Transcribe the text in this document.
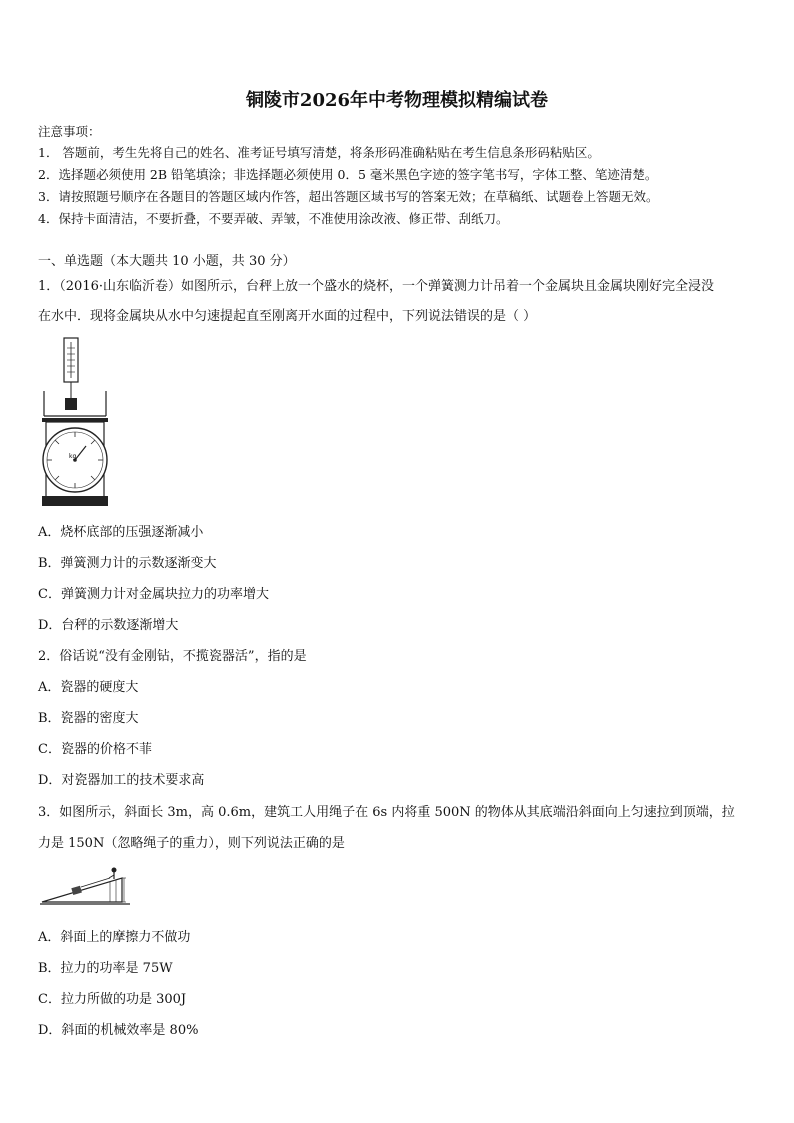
铜陵市2026年中考物理模拟精编试卷
注意事项：
1． 答题前，考生先将自己的姓名、准考证号填写清楚，将条形码准确粘贴在考生信息条形码粘贴区。
2．选择题必须使用 2B 铅笔填涂；非选择题必须使用 0．5 毫米黑色字迹的签字笔书写，字体工整、笔迹清楚。
3．请按照题号顺序在各题目的答题区域内作答，超出答题区域书写的答案无效；在草稿纸、试题卷上答题无效。
4．保持卡面清洁，不要折叠，不要弄破、弄皱，不准使用涂改液、修正带、刮纸刀。
一、单选题（本大题共 10 小题，共 30 分）
1．（2016·山东临沂卷）如图所示，台秤上放一个盛水的烧杯，一个弹簧测力计吊着一个金属块且金属块刚好完全浸没
在水中．现将金属块从水中匀速提起直至刚离开水面的过程中，下列说法错误的是（ ）
kg
A．烧杯底部的压强逐渐减小
B．弹簧测力计的示数逐渐变大
C．弹簧测力计对金属块拉力的功率增大
D．台秤的示数逐渐增大
2．俗话说“没有金刚钻，不揽瓷器活”，指的是
A．瓷器的硬度大
B．瓷器的密度大
C．瓷器的价格不菲
D．对瓷器加工的技术要求高
3．如图所示，斜面长 3m，高 0.6m，建筑工人用绳子在 6s 内将重 500N 的物体从其底端沿斜面向上匀速拉到顶端，拉
力是 150N（忽略绳子的重力），则下列说法正确的是
A．斜面上的摩擦力不做功
B．拉力的功率是 75W
C．拉力所做的功是 300J
D．斜面的机械效率是 80%
